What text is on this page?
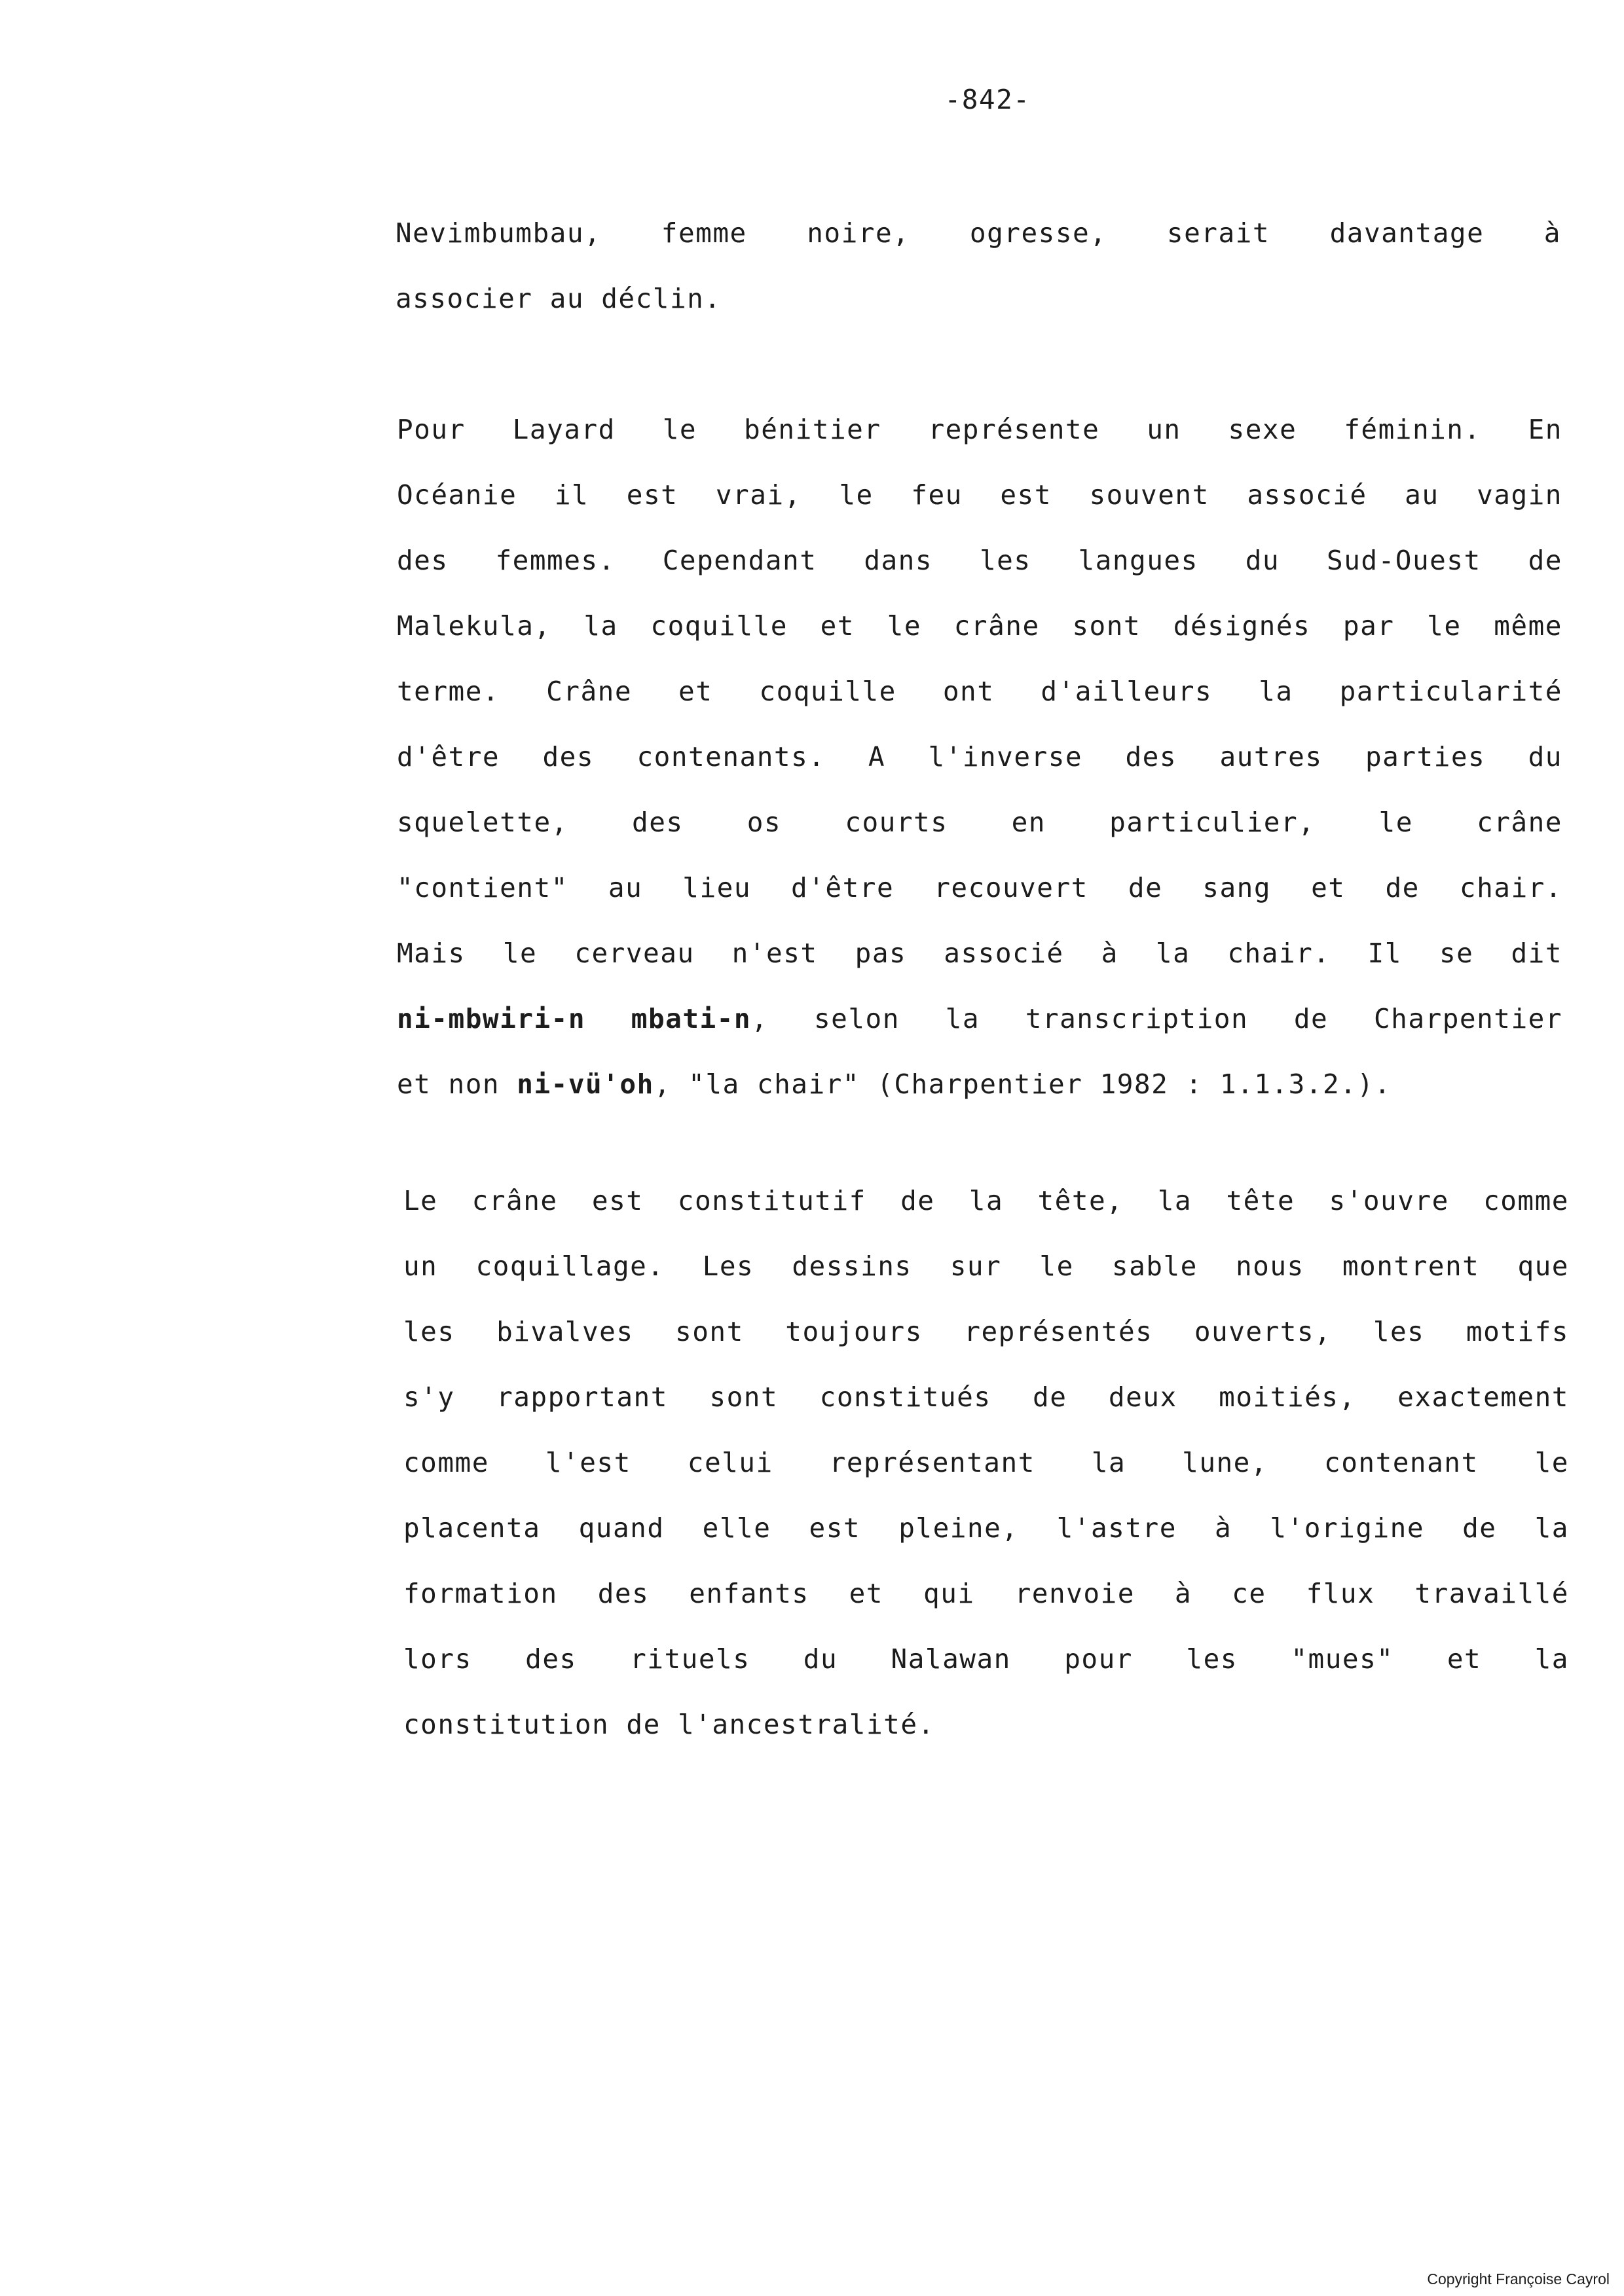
-842-
Nevimbumbau, femme noire, ogresse, serait davantage à
associer au déclin.
Pour Layard le bénitier représente un sexe féminin. En
Océanie il est vrai, le feu est souvent associé au vagin
des femmes. Cependant dans les langues du Sud-Ouest de
Malekula, la coquille et le crâne sont désignés par le même
terme. Crâne et coquille ont d'ailleurs la particularité
d'être des contenants. A l'inverse des autres parties du
squelette, des os courts en particulier, le crâne
"contient" au lieu d'être recouvert de sang et de chair.
Mais le cerveau n'est pas associé à la chair. Il se dit
ni-mbwiri-n mbati-n, selon la transcription de Charpentier
et non ni-vü'oh, "la chair" (Charpentier 1982 : 1.1.3.2.).
Le crâne est constitutif de la tête, la tête s'ouvre comme
un coquillage. Les dessins sur le sable nous montrent que
les bivalves sont toujours représentés ouverts, les motifs
s'y rapportant sont constitués de deux moitiés, exactement
comme l'est celui représentant la lune, contenant le
placenta quand elle est pleine, l'astre à l'origine de la
formation des enfants et qui renvoie à ce flux travaillé
lors des rituels du Nalawan pour les "mues" et la
constitution de l'ancestralité.
Copyright Françoise Cayrol
